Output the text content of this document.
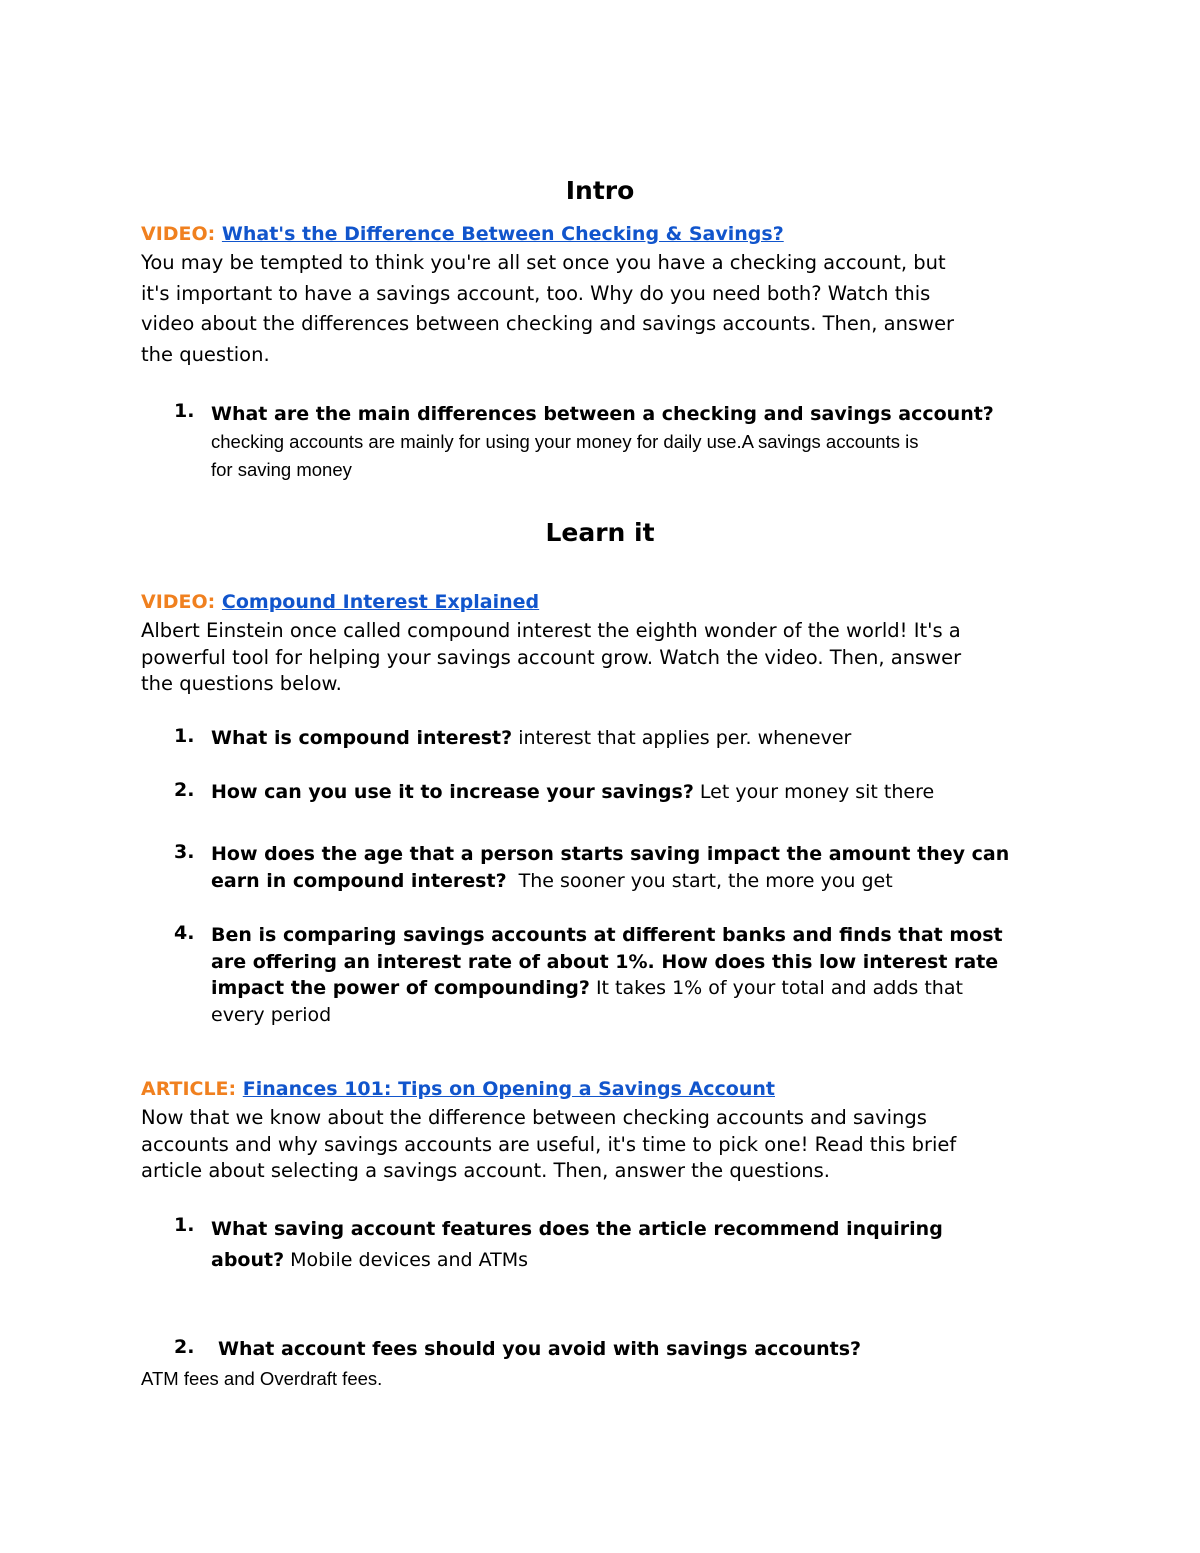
Intro
VIDEO: What's the Difference Between Checking & Savings?
You may be tempted to think you're all set once you have a checking account, but
it's important to have a savings account, too. Why do you need both? Watch this
video about the differences between checking and savings accounts. Then, answer
the question.
1. What are the main differences between a checking and savings account?
checking accounts are mainly for using your money for daily use.A savings accounts is
for saving money
Learn it
VIDEO: Compound Interest Explained
Albert Einstein once called compound interest the eighth wonder of the world! It's a
powerful tool for helping your savings account grow. Watch the video. Then, answer
the questions below.
1. What is compound interest? interest that applies per. whenever
2. How can you use it to increase your savings? Let your money sit there
3. How does the age that a person starts saving impact the amount they can
earn in compound interest? The sooner you start, the more you get
4. Ben is comparing savings accounts at different banks and finds that most
are offering an interest rate of about 1%. How does this low interest rate
impact the power of compounding? It takes 1% of your total and adds that
every period
ARTICLE: Finances 101: Tips on Opening a Savings Account
Now that we know about the difference between checking accounts and savings
accounts and why savings accounts are useful, it's time to pick one! Read this brief
article about selecting a savings account. Then, answer the questions.
1. What saving account features does the article recommend inquiring
about? Mobile devices and ATMs
2. What account fees should you avoid with savings accounts?
ATM fees and Overdraft fees.
